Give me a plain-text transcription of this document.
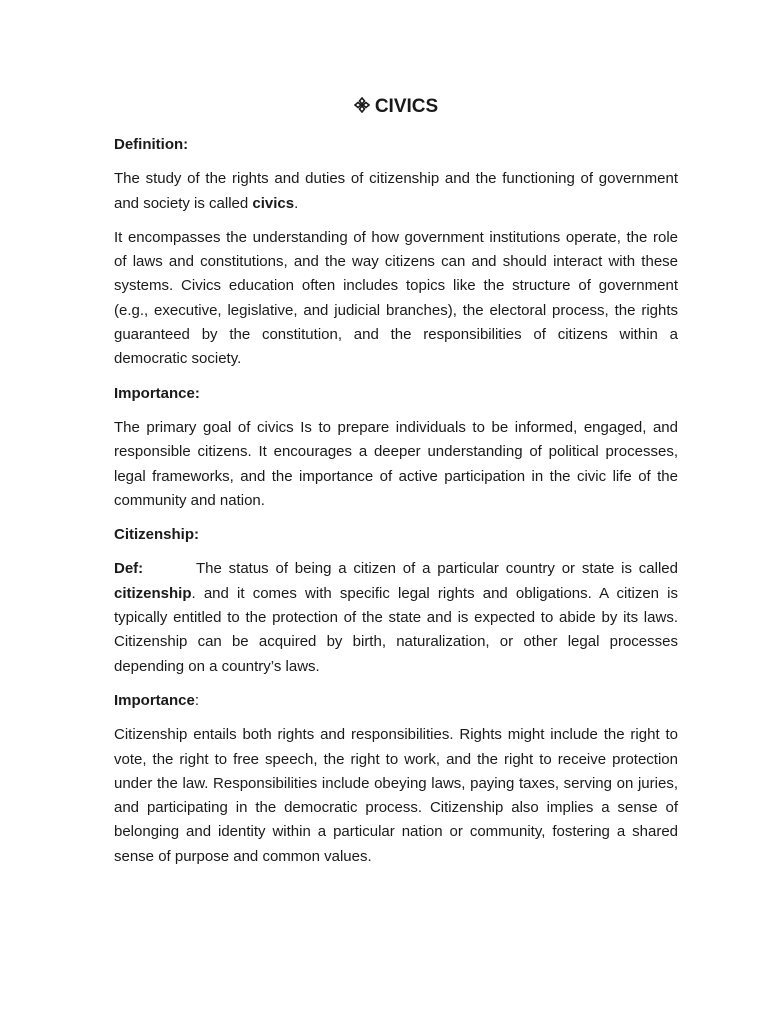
CIVICS
Definition:

The study of the rights and duties of citizenship and the functioning of government and society is called civics.

It encompasses the understanding of how government institutions operate, the role of laws and constitutions, and the way citizens can and should interact with these systems. Civics education often includes topics like the structure of government (e.g., executive, legislative, and judicial branches), the electoral process, the rights guaranteed by the constitution, and the responsibilities of citizens within a democratic society.

Importance:

The primary goal of civics Is to prepare individuals to be informed, engaged, and responsible citizens. It encourages a deeper understanding of political processes, legal frameworks, and the importance of active participation in the civic life of the community and nation.

Citizenship:

Def:	The status of being a citizen of a particular country or state is called citizenship. and it comes with specific legal rights and obligations. A citizen is typically entitled to the protection of the state and is expected to abide by its laws. Citizenship can be acquired by birth, naturalization, or other legal processes depending on a country’s laws.

Importance:

Citizenship entails both rights and responsibilities. Rights might include the right to vote, the right to free speech, the right to work, and the right to receive protection under the law. Responsibilities include obeying laws, paying taxes, serving on juries, and participating in the democratic process. Citizenship also implies a sense of belonging and identity within a particular nation or community, fostering a shared sense of purpose and common values.
